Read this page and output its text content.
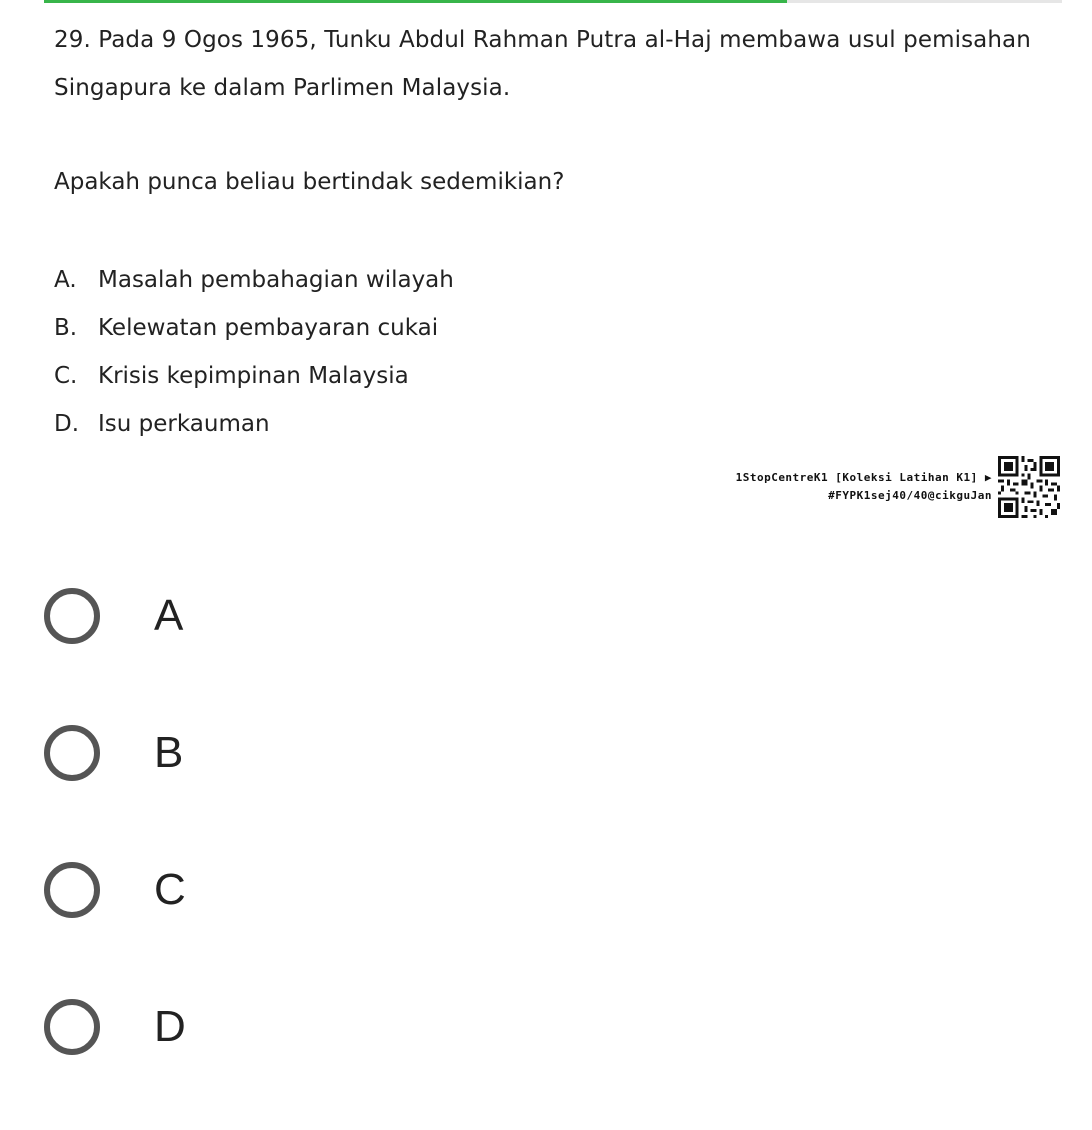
29. Pada 9 Ogos 1965, Tunku Abdul Rahman Putra al-Haj membawa usul pemisahan Singapura ke dalam Parlimen Malaysia.

Apakah punca beliau bertindak sedemikian?

A. Masalah pembahagian wilayah
B. Kelewatan pembayaran cukai
C. Krisis kepimpinan Malaysia
D. Isu perkauman
1StopCentreK1 [Koleksi Latihan K1] ▶
#FYPK1sej40/40@cikguJan
A
B
C
D
